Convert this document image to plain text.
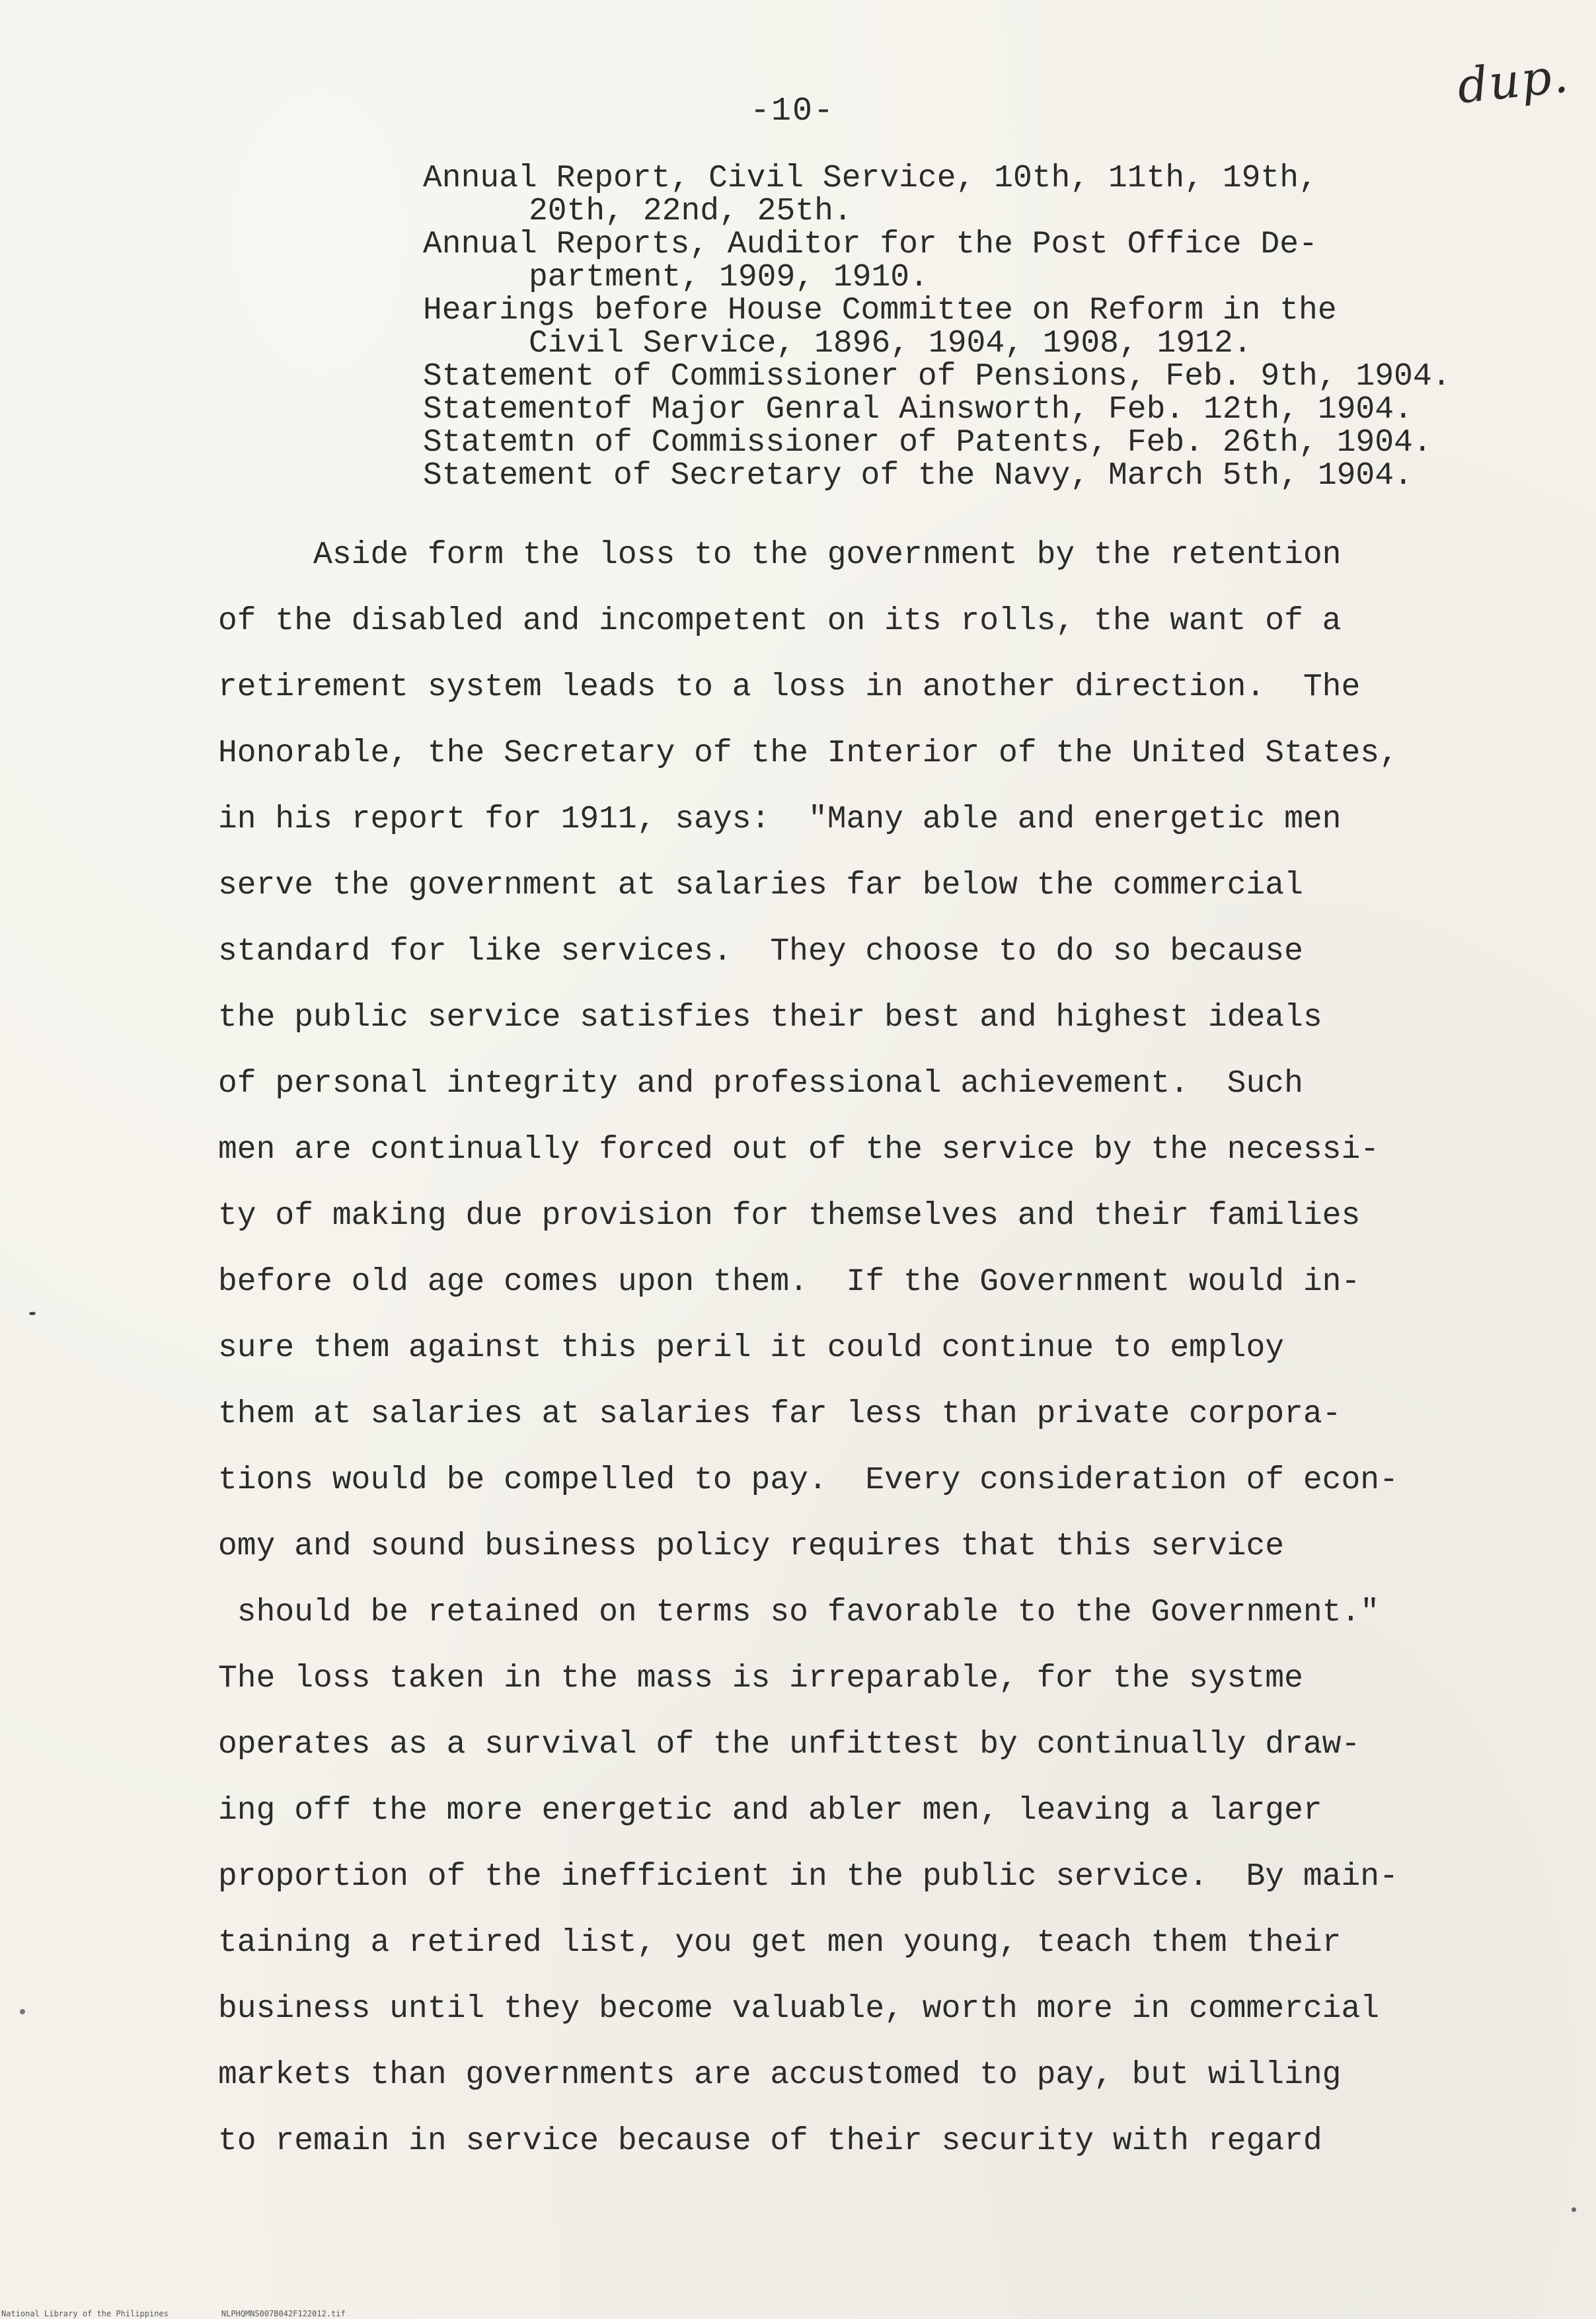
dup.
-10-
Annual Report, Civil Service, 10th, 11th, 19th,
20th, 22nd, 25th.
Annual Reports, Auditor for the Post Office De-
partment, 1909, 1910.
Hearings before House Committee on Reform in the
Civil Service, 1896, 1904, 1908, 1912.
Statement of Commissioner of Pensions, Feb. 9th, 1904.
Statementof Major Genral Ainsworth, Feb. 12th, 1904.
Statemtn of Commissioner of Patents, Feb. 26th, 1904.
Statement of Secretary of the Navy, March 5th, 1904.
Aside form the loss to the government by the retention
of the disabled and incompetent on its rolls, the want of a
retirement system leads to a loss in another direction.  The
Honorable, the Secretary of the Interior of the United States,
in his report for 1911, says:  "Many able and energetic men
serve the government at salaries far below the commercial
standard for like services.  They choose to do so because
the public service satisfies their best and highest ideals
of personal integrity and professional achievement.  Such
men are continually forced out of the service by the necessi-
ty of making due provision for themselves and their families
before old age comes upon them.  If the Government would in-
sure them against this peril it could continue to employ
them at salaries at salaries far less than private corpora-
tions would be compelled to pay.  Every consideration of econ-
omy and sound business policy requires that this service
should be retained on terms so favorable to the Government."
The loss taken in the mass is irreparable, for the systme
operates as a survival of the unfittest by continually draw-
ing off the more energetic and abler men, leaving a larger
proportion of the inefficient in the public service.  By main-
taining a retired list, you get men young, teach them their
business until they become valuable, worth more in commercial
markets than governments are accustomed to pay, but willing
to remain in service because of their security with regard
National Library of the Philippines	NLPHQMNS007B042F122012.tif
